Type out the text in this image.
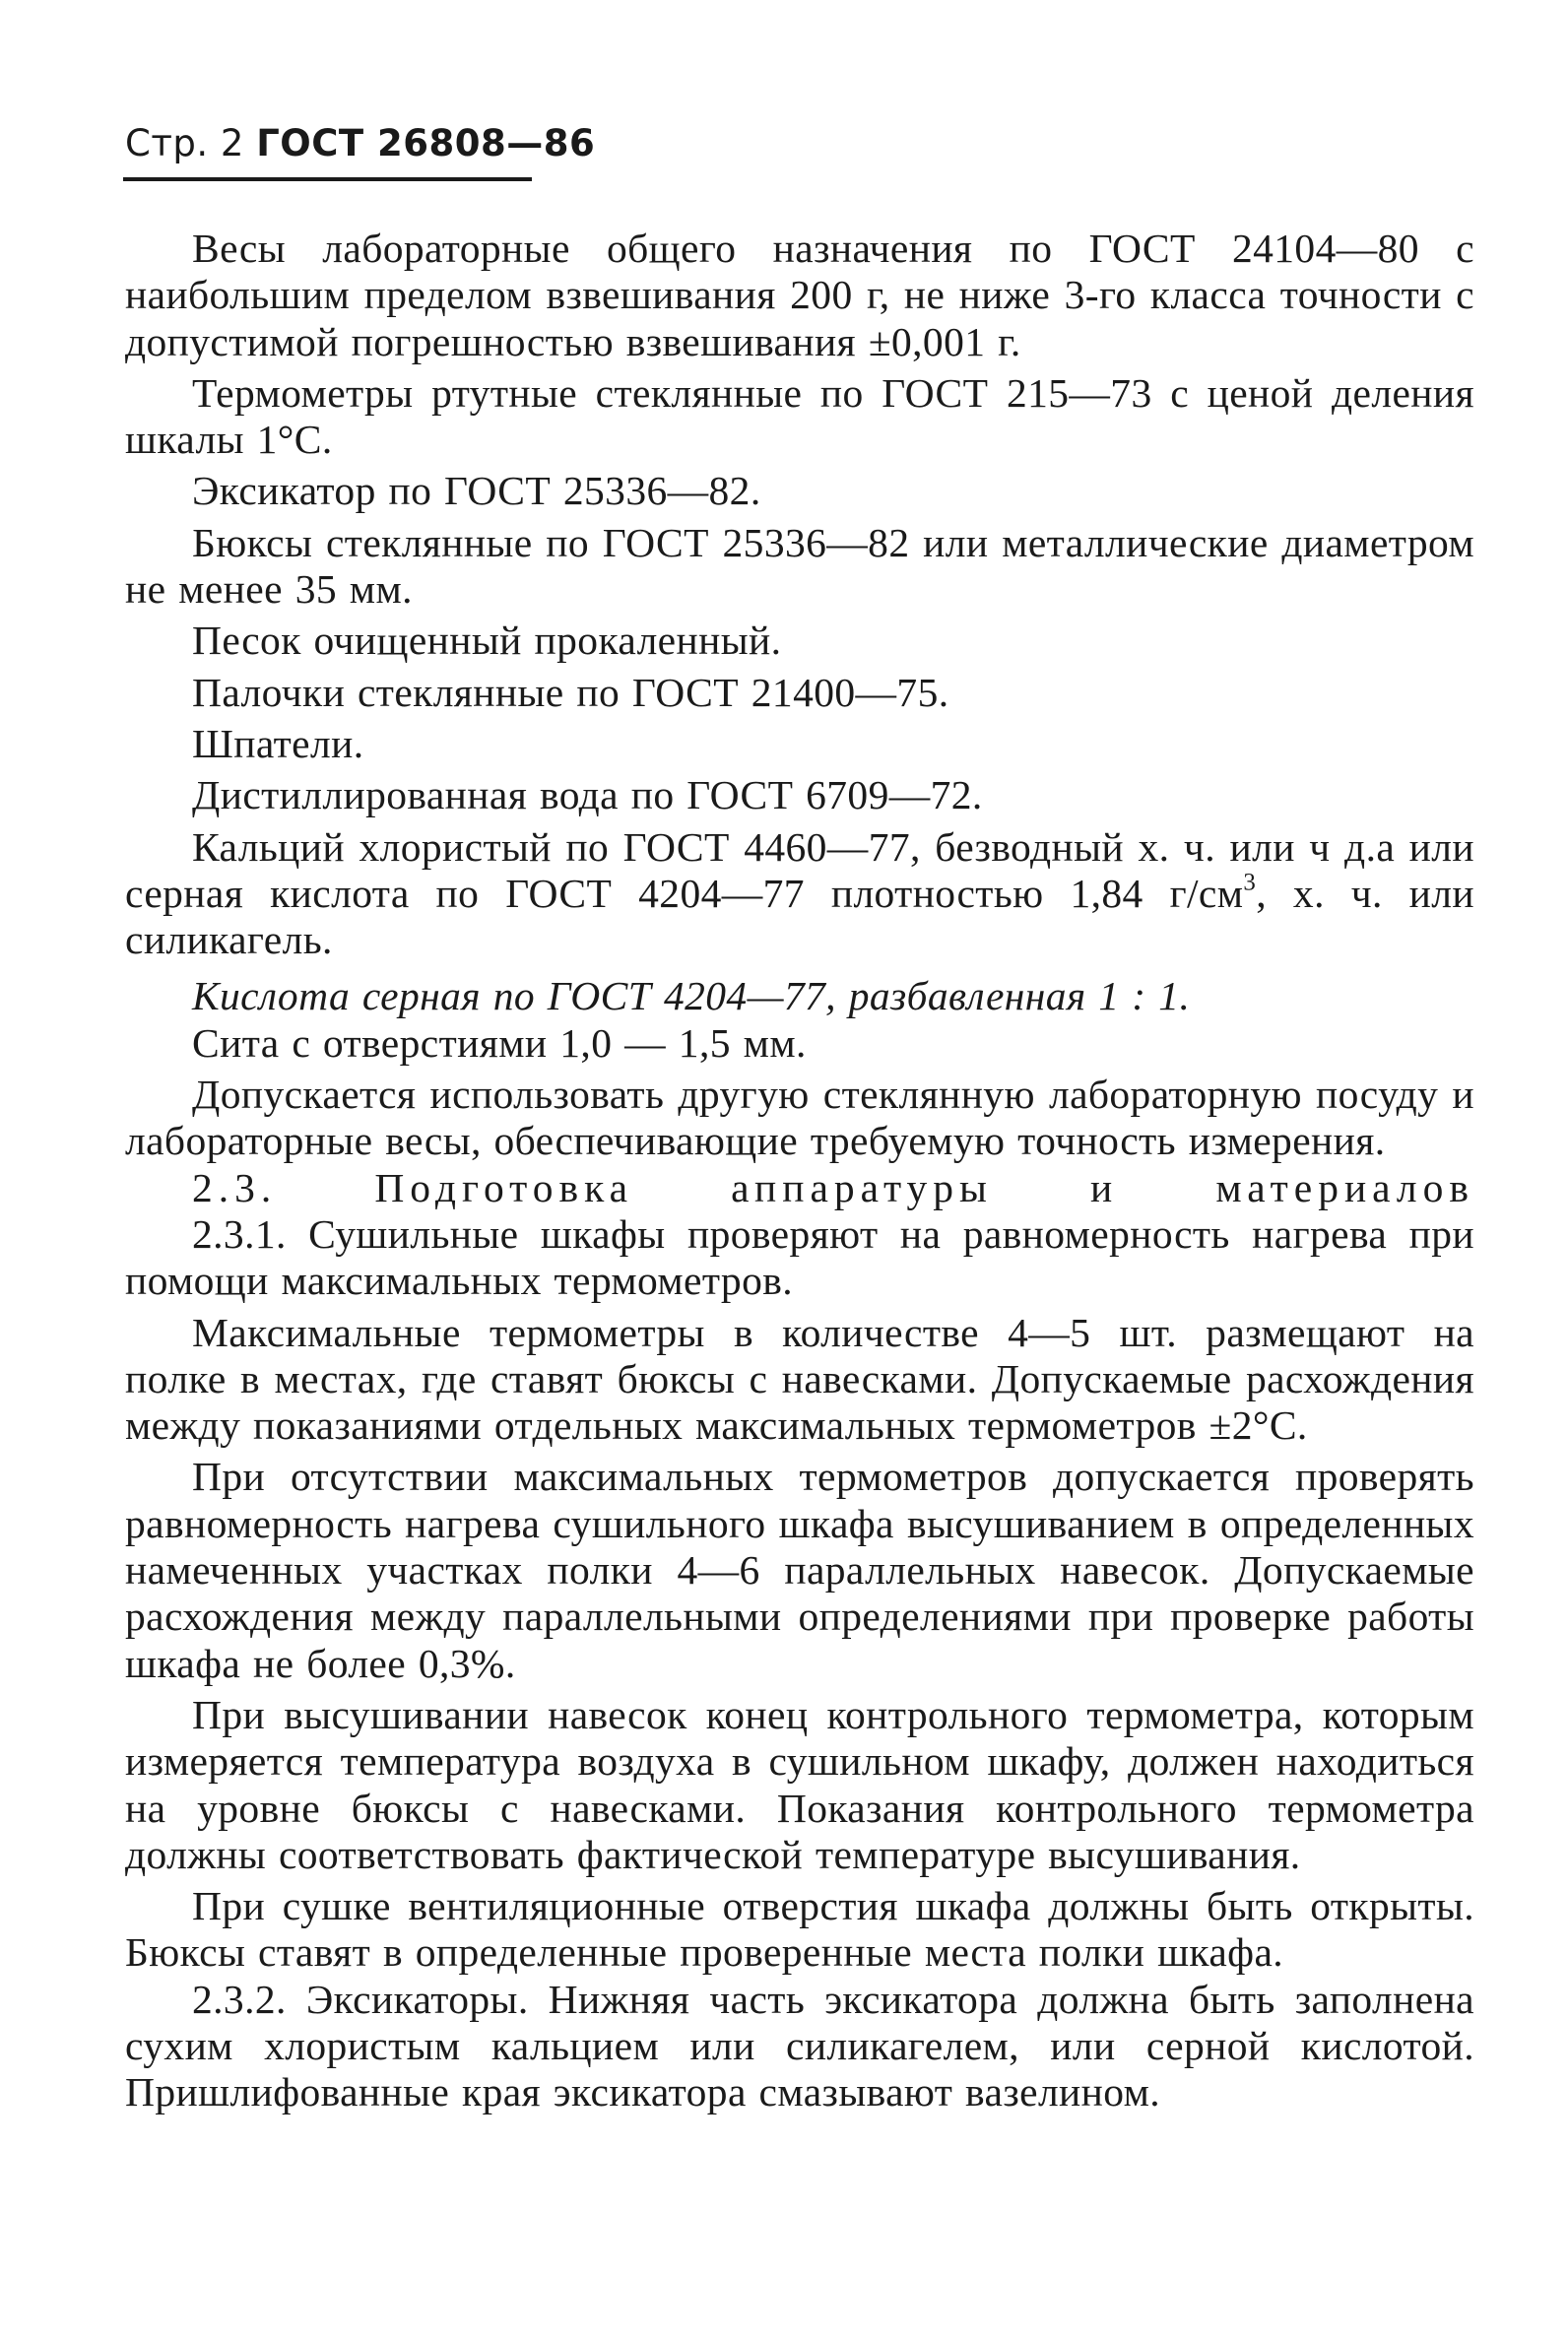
Стр. 2 ГОСТ 26808—86

Весы лабораторные общего назначения по ГОСТ 24104—80 с наибольшим пределом взвешивания 200 г, не ниже 3-го класса точности с допустимой погрешностью взвешивания ±0,001 г.

Термометры ртутные стеклянные по ГОСТ 215—73 с ценой деления шкалы 1°С.

Эксикатор по ГОСТ 25336—82.

Бюксы стеклянные по ГОСТ 25336—82 или металлические диаметром не менее 35 мм.

Песок очищенный прокаленный.

Палочки стеклянные по ГОСТ 21400—75.

Шпатели.

Дистиллированная вода по ГОСТ 6709—72.

Кальций хлористый по ГОСТ 4460—77, безводный х. ч. или ч д.а или серная кислота по ГОСТ 4204—77 плотностью 1,84 $г/см^3$, х. ч. или силикагель.

Кислота серная по ГОСТ 4204—77, разбавленная 1 : 1.

Сита с отверстиями 1,0 — 1,5 мм.

Допускается использовать другую стеклянную лабораторную посуду и лабораторные весы, обеспечивающие требуемую точность измерения.

2.3. Подготовка аппаратуры и материалов

2.3.1. Сушильные шкафы проверяют на равномерность нагрева при помощи максимальных термометров.

Максимальные термометры в количестве 4—5 шт. размещают на полке в местах, где ставят бюксы с навесками. Допускаемые расхождения между показаниями отдельных максимальных термометров ±2°С.

При отсутствии максимальных термометров допускается проверять равномерность нагрева сушильного шкафа высушиванием в определенных намеченных участках полки 4—6 параллельных навесок. Допускаемые расхождения между параллельными определениями при проверке работы шкафа не более 0,3%.

При высушивании навесок конец контрольного термометра, которым измеряется температура воздуха в сушильном шкафу, должен находиться на уровне бюксы с навесками. Показания контрольного термометра должны соответствовать фактической температуре высушивания.

При сушке вентиляционные отверстия шкафа должны быть открыты. Бюксы ставят в определенные проверенные места полки шкафа.

2.3.2. Эксикаторы. Нижняя часть эксикатора должна быть заполнена сухим хлористым кальцием или силикагелем, или серной кислотой. Пришлифованные края эксикатора смазывают вазелином.
